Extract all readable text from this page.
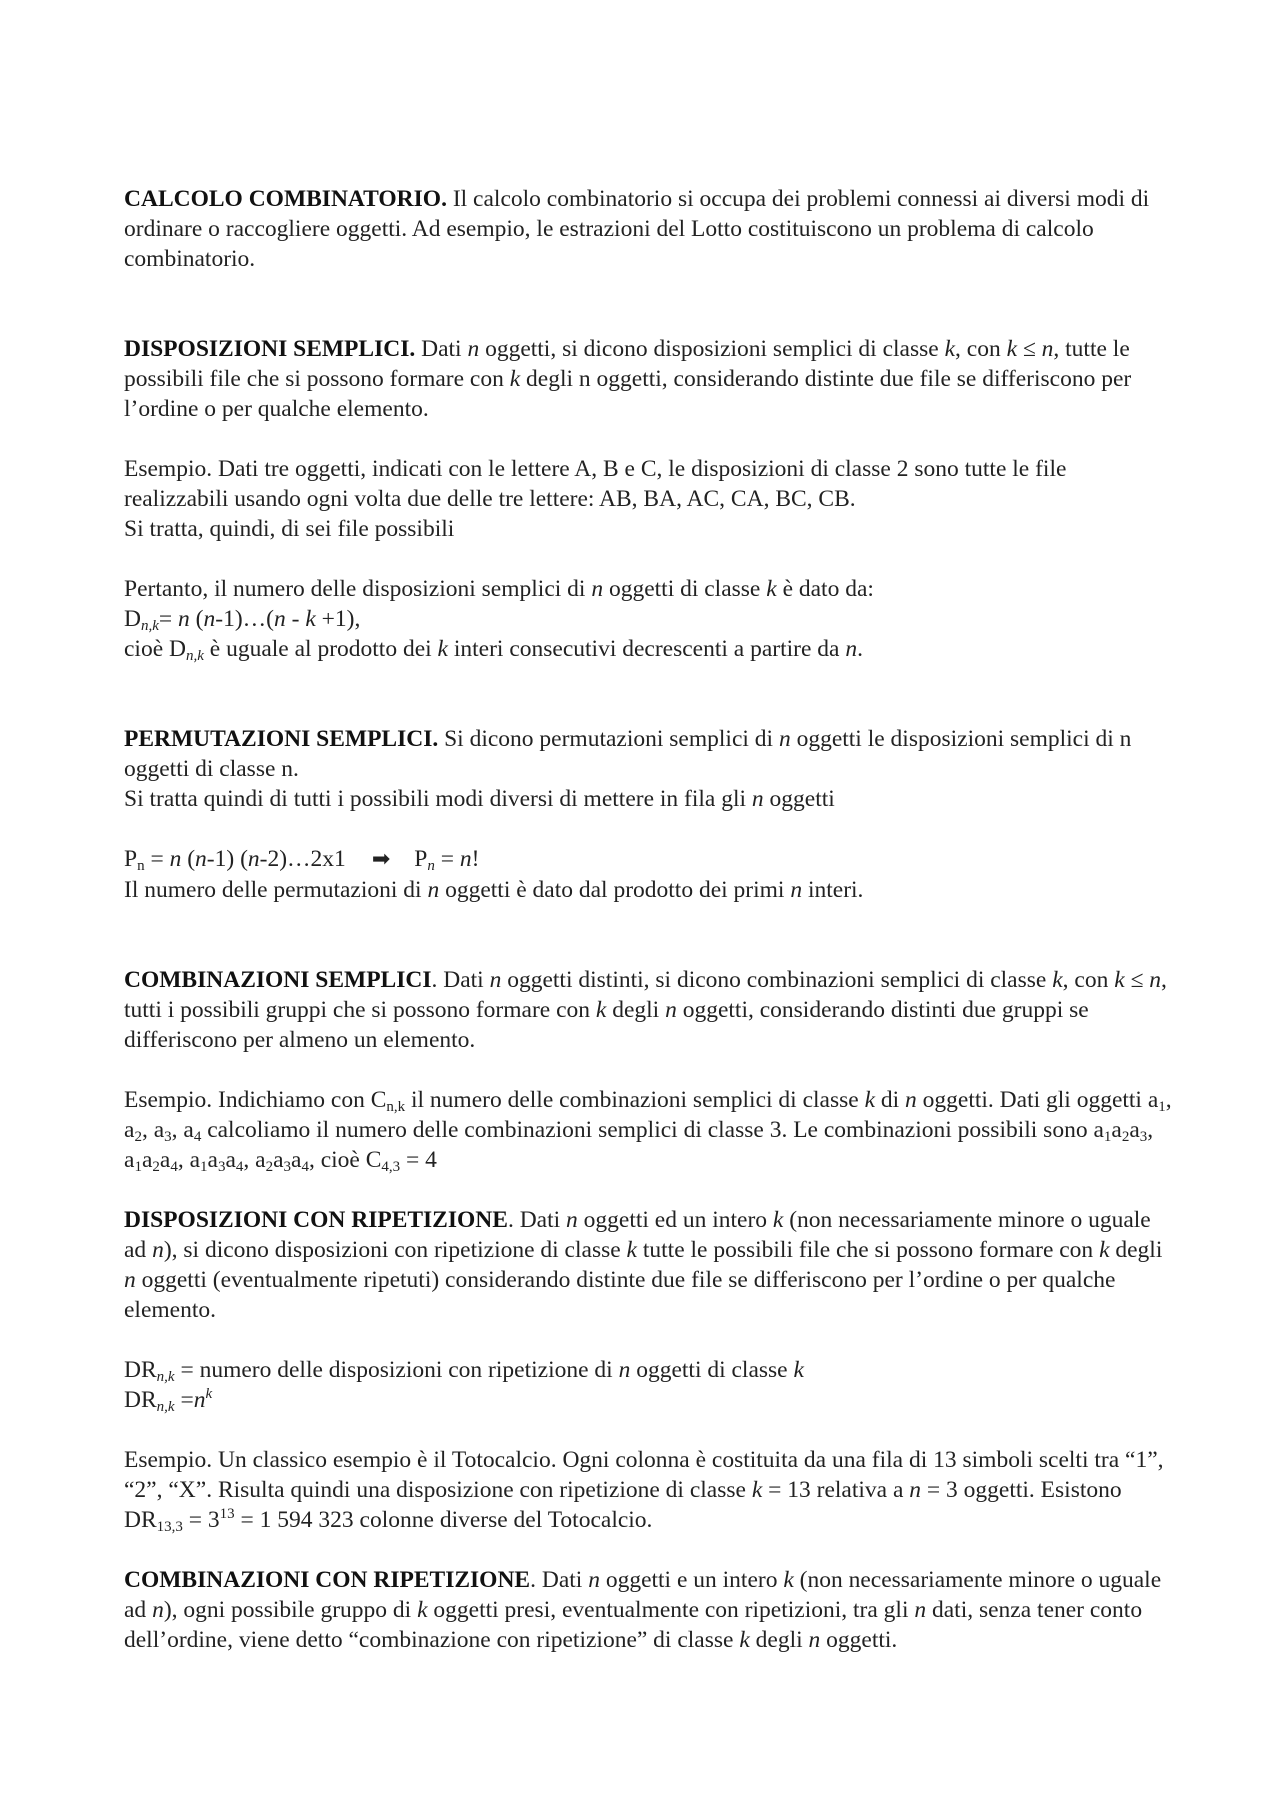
CALCOLO COMBINATORIO. Il calcolo combinatorio si occupa dei problemi connessi ai diversi modi di ordinare o raccogliere oggetti. Ad esempio, le estrazioni del Lotto costituiscono un problema di calcolo combinatorio.

DISPOSIZIONI SEMPLICI. Dati n oggetti, si dicono disposizioni semplici di classe k, con k ≤ n, tutte le possibili file che si possono formare con k degli n oggetti, considerando distinte due file se differiscono per l’ordine o per qualche elemento.

Esempio. Dati tre oggetti, indicati con le lettere A, B e C, le disposizioni di classe 2 sono tutte le file realizzabili usando ogni volta due delle tre lettere: AB, BA, AC, CA, BC, CB.

Si tratta, quindi, di sei file possibili

Pertanto, il numero delle disposizioni semplici di n oggetti di classe k è dato da:

$D_{n,k}= n$ (n-1)…(n - k +1),

cioè $D_{n,k}$ è uguale al prodotto dei k interi consecutivi decrescenti a partire da n.

PERMUTAZIONI SEMPLICI. Si dicono permutazioni semplici di n oggetti le disposizioni semplici di n oggetti di classe n.

Si tratta quindi di tutti i possibili modi diversi di mettere in fila gli n oggetti

$P_n = n$ (n-1) (n-2)…2x1 ➡ $P_n = n$!

Il numero delle permutazioni di n oggetti è dato dal prodotto dei primi n interi.

COMBINAZIONI SEMPLICI. Dati n oggetti distinti, si dicono combinazioni semplici di classe k, con k ≤ n, tutti i possibili gruppi che si possono formare con k degli n oggetti, considerando distinti due gruppi se differiscono per almeno un elemento.

Esempio. Indichiamo con $C_{n,k}$ il numero delle combinazioni semplici di classe k di n oggetti. Dati gli oggetti $a_1$, $a_2$, $a_3$, $a_4$ calcoliamo il numero delle combinazioni semplici di classe 3. Le combinazioni possibili sono $a_1a_2a_3$, $a_1a_2a_4$, $a_1a_3a_4$, $a_2a_3a_4$, cioè $C_{4,3} = 4$

DISPOSIZIONI CON RIPETIZIONE. Dati n oggetti ed un intero k (non necessariamente minore o uguale ad n), si dicono disposizioni con ripetizione di classe k tutte le possibili file che si possono formare con k degli n oggetti (eventualmente ripetuti) considerando distinte due file se differiscono per l’ordine o per qualche elemento.

$DR_{n,k}$ = numero delle disposizioni con ripetizione di n oggetti di classe k

$DR_{n,k} =n^k$

Esempio. Un classico esempio è il Totocalcio. Ogni colonna è costituita da una fila di 13 simboli scelti tra “1”, “2”, “X”. Risulta quindi una disposizione con ripetizione di classe k = 13 relativa a n = 3 oggetti. Esistono $DR_{13,3} = 3^{13} = 1$ 594 323 colonne diverse del Totocalcio.

COMBINAZIONI CON RIPETIZIONE. Dati n oggetti e un intero k (non necessariamente minore o uguale ad n), ogni possibile gruppo di k oggetti presi, eventualmente con ripetizioni, tra gli n dati, senza tener conto dell’ordine, viene detto “combinazione con ripetizione” di classe k degli n oggetti.
